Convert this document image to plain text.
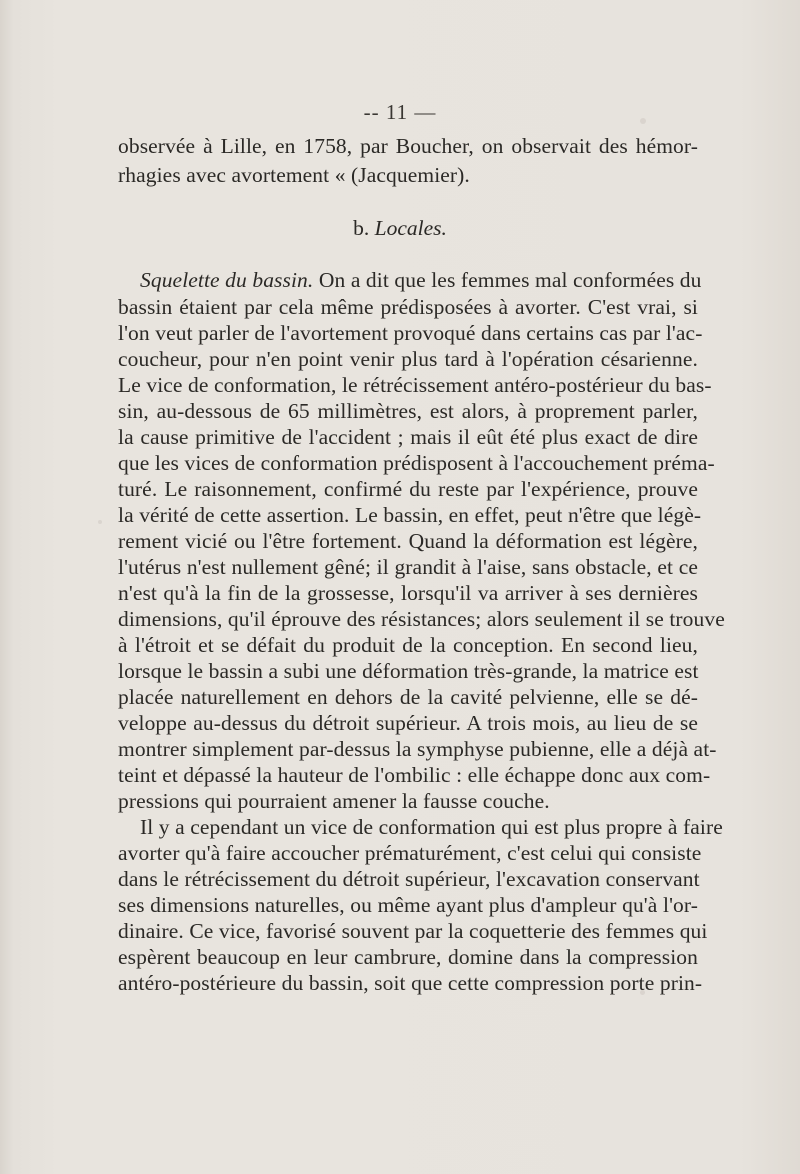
-- 11 —
observée à Lille, en 1758, par Boucher, on observait des hémor-
rhagies avec avortement « (Jacquemier).
b. Locales.
Squelette du bassin. On a dit que les femmes mal conformées du
bassin étaient par cela même prédisposées à avorter. C'est vrai, si
l'on veut parler de l'avortement provoqué dans certains cas par l'ac-
coucheur, pour n'en point venir plus tard à l'opération césarienne.
Le vice de conformation, le rétrécissement antéro-postérieur du bas-
sin, au-dessous de 65 millimètres, est alors, à proprement parler,
la cause primitive de l'accident ; mais il eût été plus exact de dire
que les vices de conformation prédisposent à l'accouchement préma-
turé. Le raisonnement, confirmé du reste par l'expérience, prouve
la vérité de cette assertion. Le bassin, en effet, peut n'être que légè-
rement vicié ou l'être fortement. Quand la déformation est légère,
l'utérus n'est nullement gêné; il grandit à l'aise, sans obstacle, et ce
n'est qu'à la fin de la grossesse, lorsqu'il va arriver à ses dernières
dimensions, qu'il éprouve des résistances; alors seulement il se trouve
à l'étroit et se défait du produit de la conception. En second lieu,
lorsque le bassin a subi une déformation très-grande, la matrice est
placée naturellement en dehors de la cavité pelvienne, elle se dé-
veloppe au-dessus du détroit supérieur. A trois mois, au lieu de se
montrer simplement par-dessus la symphyse pubienne, elle a déjà at-
teint et dépassé la hauteur de l'ombilic : elle échappe donc aux com-
pressions qui pourraient amener la fausse couche.
Il y a cependant un vice de conformation qui est plus propre à faire
avorter qu'à faire accoucher prématurément, c'est celui qui consiste
dans le rétrécissement du détroit supérieur, l'excavation conservant
ses dimensions naturelles, ou même ayant plus d'ampleur qu'à l'or-
dinaire. Ce vice, favorisé souvent par la coquetterie des femmes qui
espèrent beaucoup en leur cambrure, domine dans la compression
antéro-postérieure du bassin, soit que cette compression porte prin-
